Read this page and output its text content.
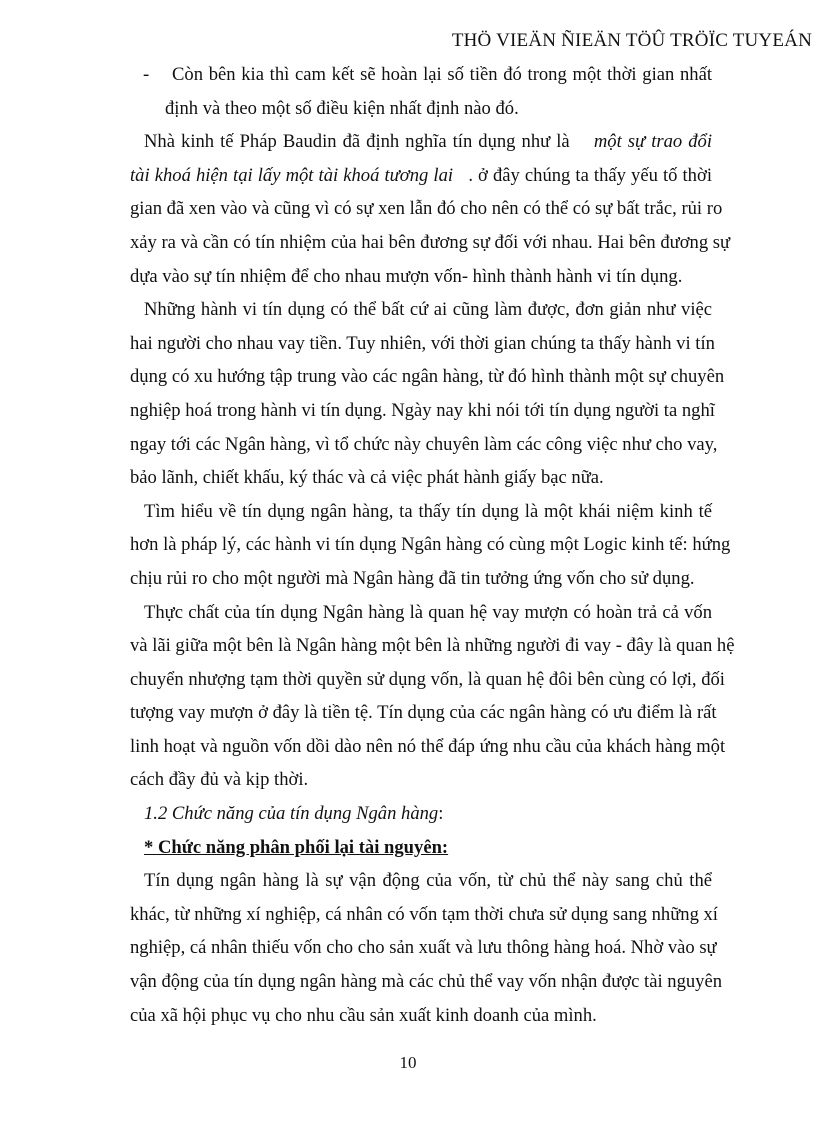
THÖ VIEÄN ÑIEÄN TÖÛ TRÖÏC TUYEÁN
- Còn bên kia thì cam kết sẽ hoàn lại số tiền đó trong một thời gian nhất
định và theo một số điều kiện nhất định nào đó.
Nhà kinh tế Pháp Baudin đã định nghĩa tín dụng như là một sự trao đổi
tài khoá hiện tại lấy một tài khoá tương lai . ở đây chúng ta thấy yếu tố thời
gian đã xen vào và cũng vì có sự xen lẫn đó cho nên có thể có sự bất trắc, rủi ro
xảy ra và cần có tín nhiệm của hai bên đương sự đối với nhau. Hai bên đương sự
dựa vào sự tín nhiệm để cho nhau mượn vốn- hình thành hành vi tín dụng.
Những hành vi tín dụng có thể bất cứ ai cũng làm được, đơn giản như việc
hai người cho nhau vay tiền. Tuy nhiên, với thời gian chúng ta thấy hành vi tín
dụng có xu hướng tập trung vào các ngân hàng, từ đó hình thành một sự chuyên
nghiệp hoá trong hành vi tín dụng. Ngày nay khi nói tới tín dụng người ta nghĩ
ngay tới các Ngân hàng, vì tổ chức này chuyên làm các công việc như cho vay,
bảo lãnh, chiết khấu, ký thác và cả việc phát hành giấy bạc nữa.
Tìm hiểu về tín dụng ngân hàng, ta thấy tín dụng là một khái niệm kinh tế
hơn là pháp lý, các hành vi tín dụng Ngân hàng có cùng một Logic kinh tế: hứng
chịu rủi ro cho một người mà Ngân hàng đã tin tưởng ứng vốn cho sử dụng.
Thực chất của tín dụng Ngân hàng là quan hệ vay mượn có hoàn trả cả vốn
và lãi giữa một bên là Ngân hàng một bên là những người đi vay - đây là quan hệ
chuyển nhượng tạm thời quyền sử dụng vốn, là quan hệ đôi bên cùng có lợi, đối
tượng vay mượn ở đây là tiền tệ. Tín dụng của các ngân hàng có ưu điểm là rất
linh hoạt và nguồn vốn dồi dào nên nó thể đáp ứng nhu cầu của khách hàng một
cách đầy đủ và kịp thời.
1.2 Chức năng của tín dụng Ngân hàng:
* Chức năng phân phối lại tài nguyên:
Tín dụng ngân hàng là sự vận động của vốn, từ chủ thể này sang chủ thể
khác, từ những xí nghiệp, cá nhân có vốn tạm thời chưa sử dụng sang những xí
nghiệp, cá nhân thiếu vốn cho cho sản xuất và lưu thông hàng hoá. Nhờ vào sự
vận động của tín dụng ngân hàng mà các chủ thể vay vốn nhận được tài nguyên
của xã hội phục vụ cho nhu cầu sản xuất kinh doanh của mình.
10
